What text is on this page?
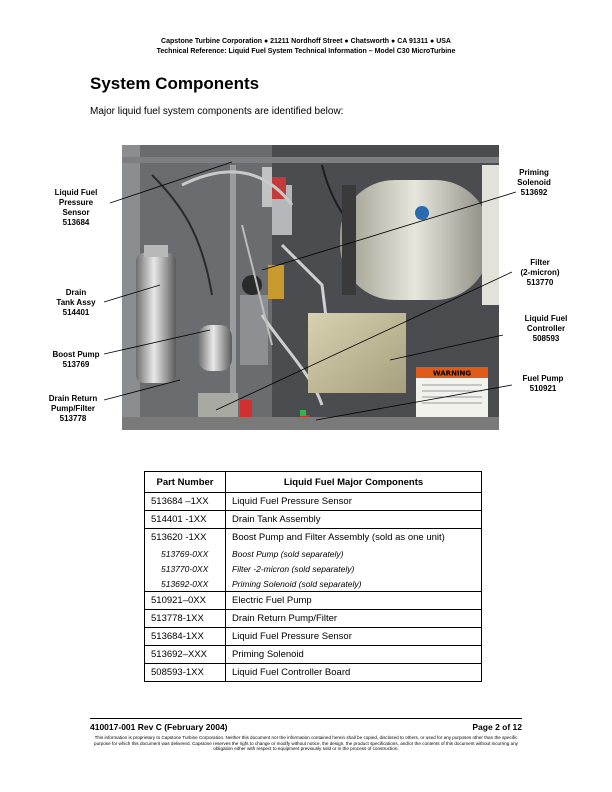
Capstone Turbine Corporation ● 21211 Nordhoff Street ● Chatsworth ● CA 91311 ● USA
Technical Reference: Liquid Fuel System Technical Information – Model C30 MicroTurbine
System Components
Major liquid fuel system components are identified below:
WARNING
Liquid Fuel
Pressure
Sensor
513684
Drain
Tank Assy
514401
Boost Pump
513769
Drain Return
Pump/Filter
513778
Priming
Solenoid
513692
Filter
(2-micron)
513770
Liquid Fuel
Controller
508593
Fuel Pump
510921
Part Number	Liquid Fuel Major Components
513684 –1XX	Liquid Fuel Pressure Sensor
514401 -1XX	Drain Tank Assembly
513620 -1XX	Boost Pump and Filter Assembly (sold as one unit)
513769-0XX	Boost Pump (sold separately)
513770-0XX	Filter -2-micron (sold separately)
513692-0XX	Priming Solenoid (sold separately)
510921–0XX	Electric Fuel Pump
513778-1XX	Drain Return Pump/Filter
513684-1XX	Liquid Fuel Pressure Sensor
513692–XXX	Priming Solenoid
508593-1XX	Liquid Fuel Controller Board
410017-001 Rev C (February 2004)	Page 2 of 12
This information is proprietary to Capstone Turbine Corporation. Neither this document nor the information contained herein shall be copied, disclosed to others, or used for any purposes other than the specific purpose for which this document was delivered. Capstone reserves the right to change or modify without notice, the design, the product specifications, and/or the contents of this document without incurring any obligation either with respect to equipment previously sold or in the process of construction.
